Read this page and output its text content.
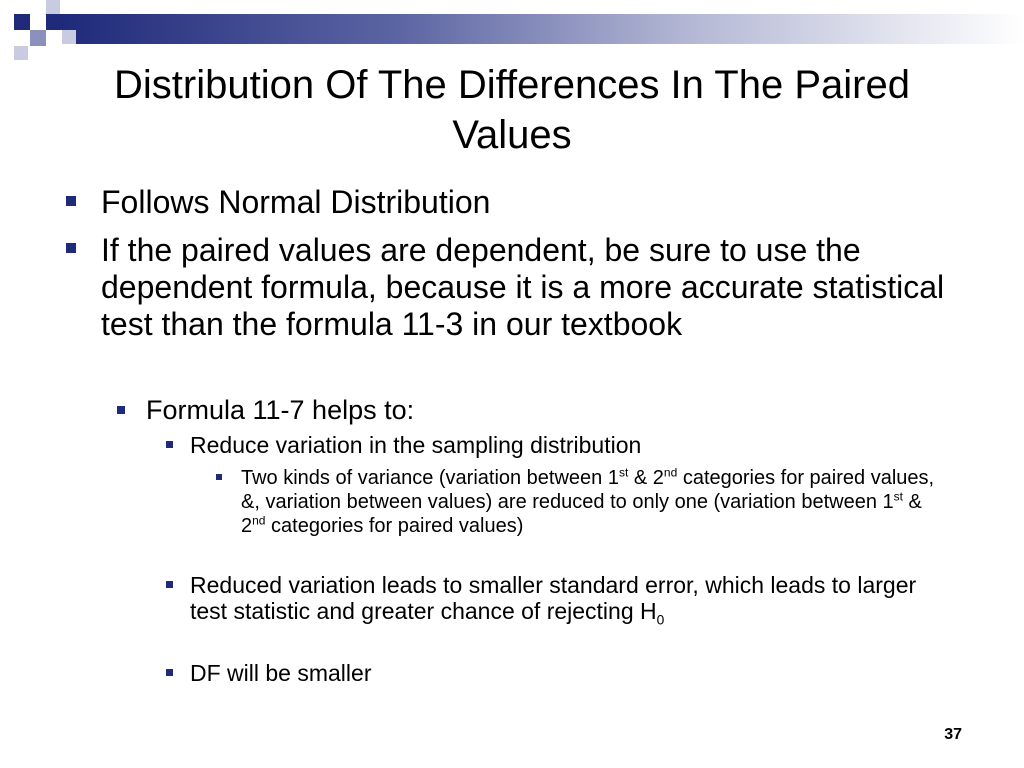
Distribution Of The Differences In The Paired Values
Follows Normal Distribution
If the paired values are dependent, be sure to use the dependent formula, because it is a more accurate statistical test than the formula 11-3 in our textbook
Formula 11-7 helps to:
Reduce variation in the sampling distribution
Two kinds of variance (variation between 1st & 2nd categories for paired values, &, variation between values) are reduced to only one (variation between 1st & 2nd categories for paired values)
Reduced variation leads to smaller standard error, which leads to larger test statistic and greater chance of rejecting $H_0$
DF will be smaller
37
